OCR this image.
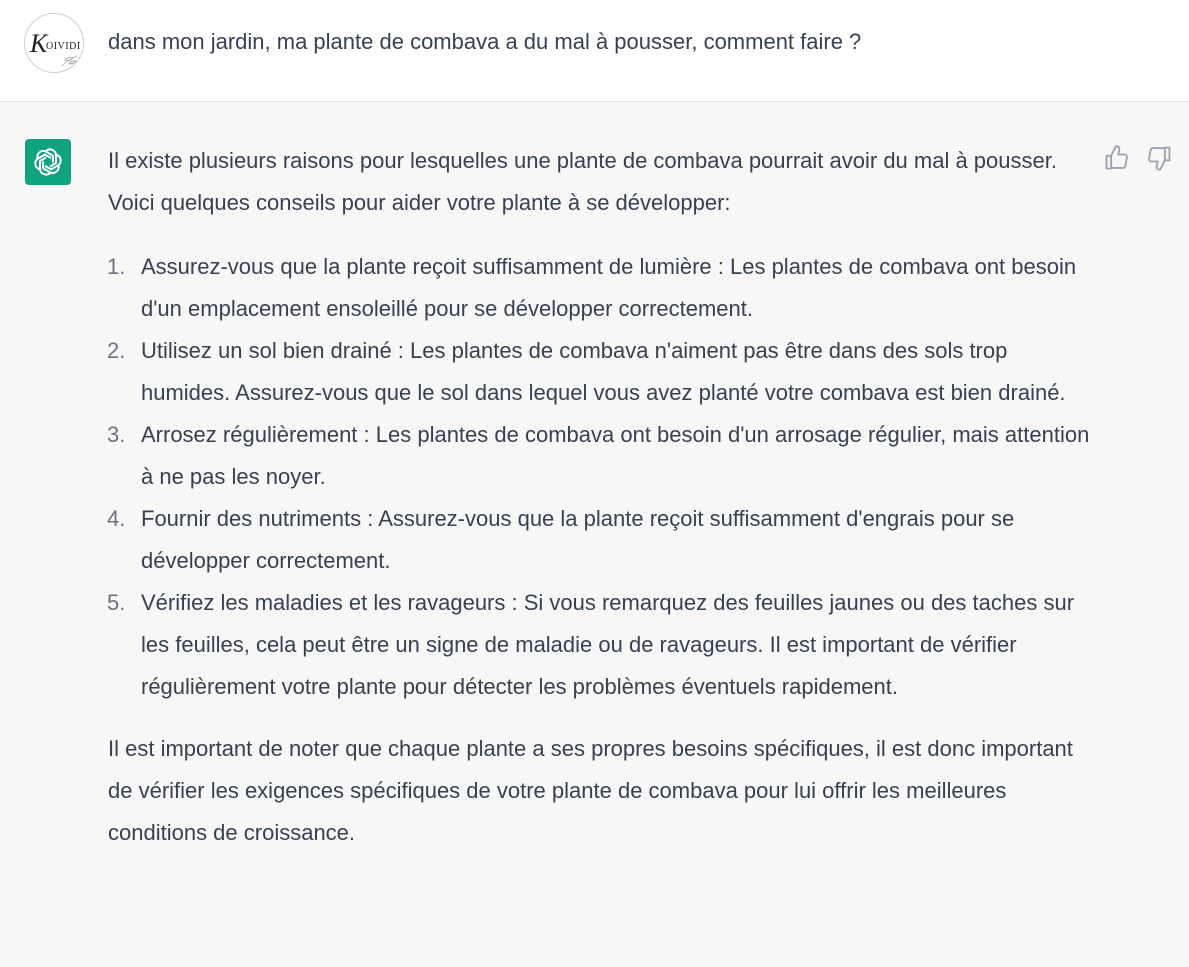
K
OIVIDI dans mon jardin, ma plante de combava a du mal à pousser, comment faire ?

Il existe plusieurs raisons pour lesquelles une plante de combava pourrait avoir du mal à pousser. Voici quelques conseils pour aider votre plante à se développer:

1. Assurez-vous que la plante reçoit suffisamment de lumière : Les plantes de combava ont besoin d'un emplacement ensoleillé pour se développer correctement.
2. Utilisez un sol bien drainé : Les plantes de combava n'aiment pas être dans des sols trop humides. Assurez-vous que le sol dans lequel vous avez planté votre combava est bien drainé.
3. Arrosez régulièrement : Les plantes de combava ont besoin d'un arrosage régulier, mais attention à ne pas les noyer.
4. Fournir des nutriments : Assurez-vous que la plante reçoit suffisamment d'engrais pour se développer correctement.
5. Vérifiez les maladies et les ravageurs : Si vous remarquez des feuilles jaunes ou des taches sur les feuilles, cela peut être un signe de maladie ou de ravageurs. Il est important de vérifier régulièrement votre plante pour détecter les problèmes éventuels rapidement.

Il est important de noter que chaque plante a ses propres besoins spécifiques, il est donc important de vérifier les exigences spécifiques de votre plante de combava pour lui offrir les meilleures conditions de croissance.
